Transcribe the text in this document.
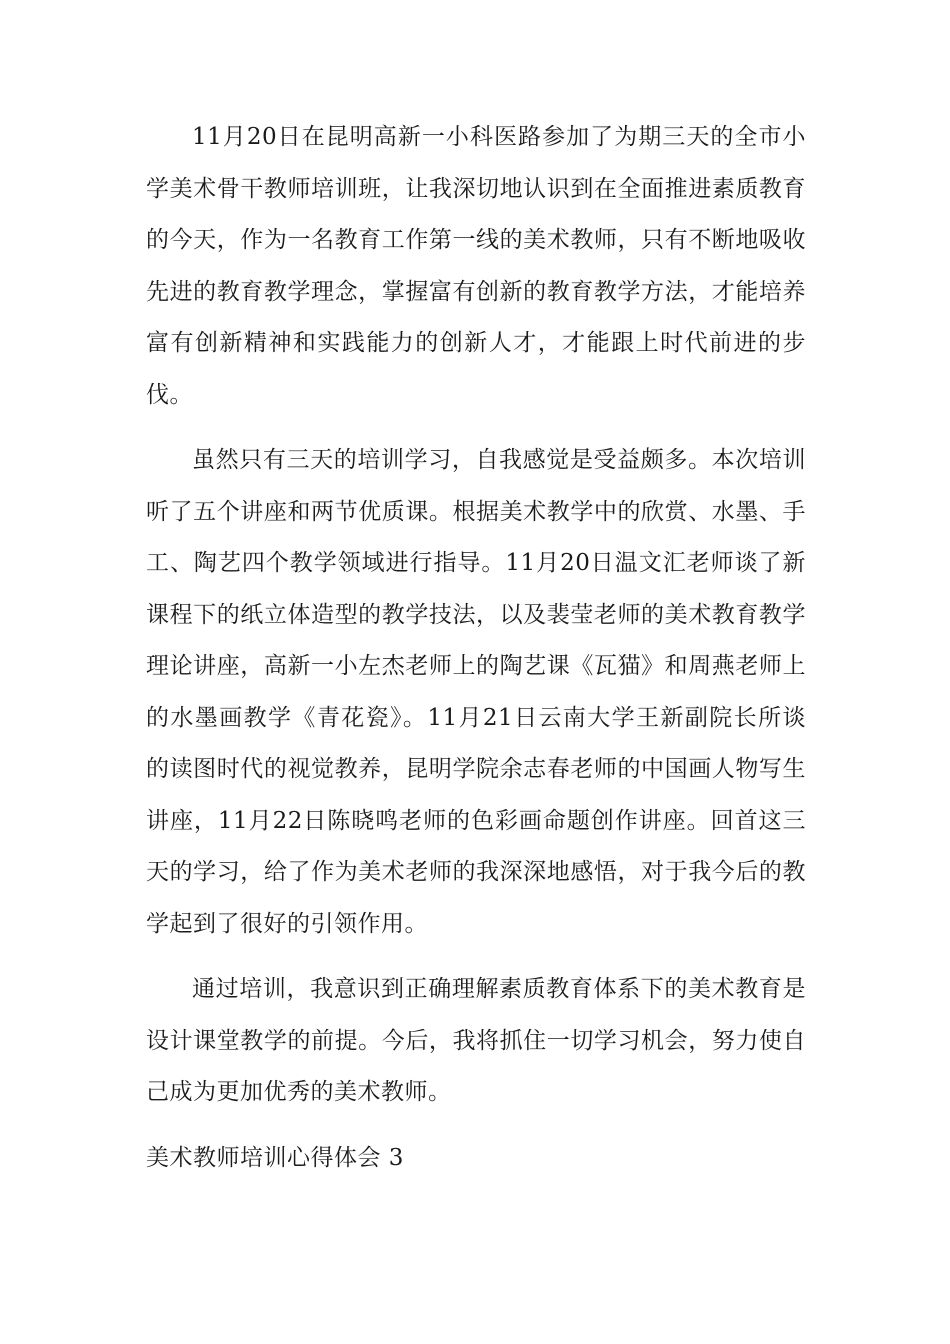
11月20日在昆明高新一小科医路参加了为期三天的全市小学美术骨干教师培训班，让我深切地认识到在全面推进素质教育的今天，作为一名教育工作第一线的美术教师，只有不断地吸收先进的教育教学理念，掌握富有创新的教育教学方法，才能培养富有创新精神和实践能力的创新人才，才能跟上时代前进的步伐。

虽然只有三天的培训学习，自我感觉是受益颇多。本次培训听了五个讲座和两节优质课。根据美术教学中的欣赏、水墨、手工、陶艺四个教学领域进行指导。11月20日温文汇老师谈了新课程下的纸立体造型的教学技法，以及裴莹老师的美术教育教学理论讲座，高新一小左杰老师上的陶艺课《瓦猫》和周燕老师上的水墨画教学《青花瓷》。11月21日云南大学王新副院长所谈的读图时代的视觉教养，昆明学院余志春老师的中国画人物写生讲座，11月22日陈晓鸣老师的色彩画命题创作讲座。回首这三天的学习，给了作为美术老师的我深深地感悟，对于我今后的教学起到了很好的引领作用。

通过培训，我意识到正确理解素质教育体系下的美术教育是设计课堂教学的前提。今后，我将抓住一切学习机会，努力使自己成为更加优秀的美术教师。

美术教师培训心得体会 3
